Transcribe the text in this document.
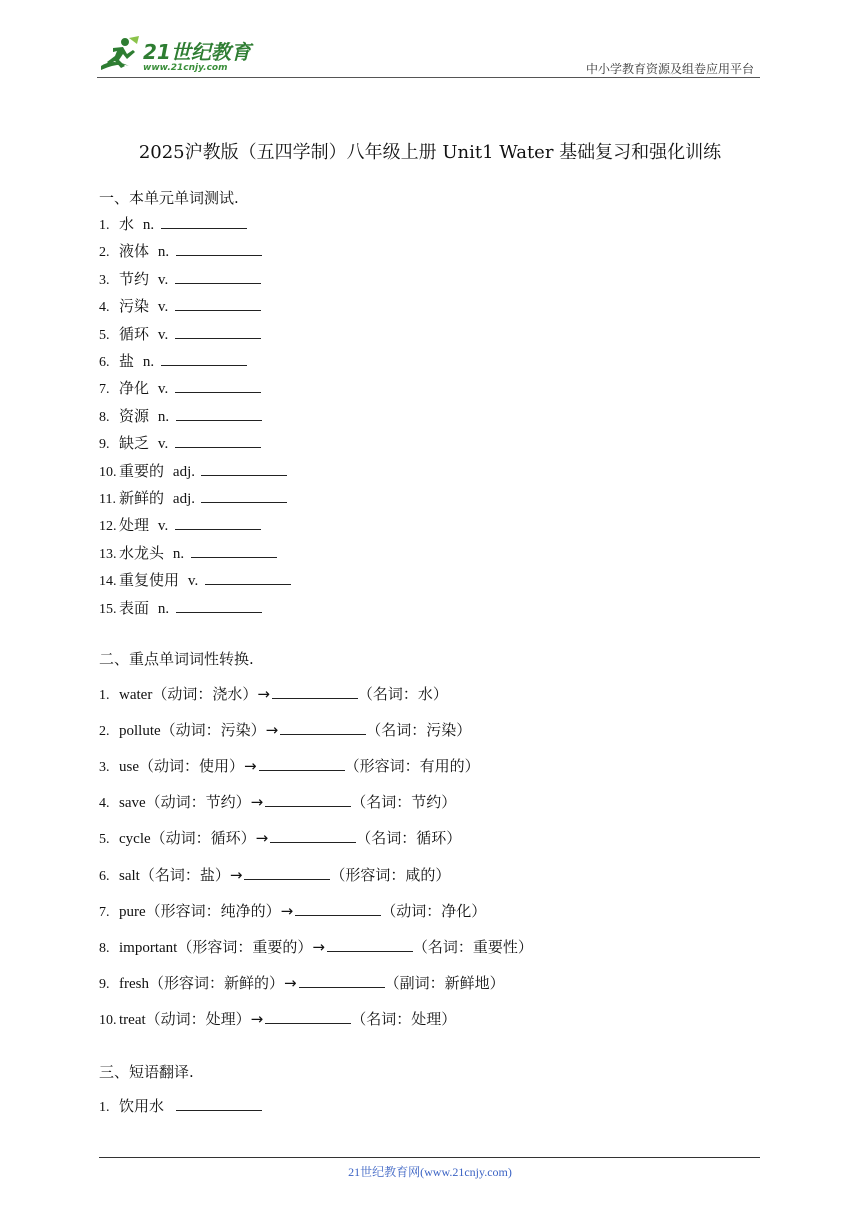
21世纪教育
www.21cnjy.com	中小学教育资源及组卷应用平台
2025沪教版（五四学制）八年级上册 Unit1 Water 基础复习和强化训练
一、本单元单词测试.
1. 水 n.
2. 液体 n.
3. 节约 v.
4. 污染 v.
5. 循环 v.
6. 盐 n.
7. 净化 v.
8. 资源 n.
9. 缺乏 v.
10. 重要的 adj.
11. 新鲜的 adj.
12. 处理 v.
13. 水龙头 n.
14. 重复使用 v.
15. 表面 n.
二、重点单词词性转换.
1. water（动词：浇水）→	（名词：水）
2. pollute（动词：污染）→	（名词：污染）
3. use（动词：使用）→	（形容词：有用的）
4. save（动词：节约）→	（名词：节约）
5. cycle（动词：循环）→	（名词：循环）
6. salt（名词：盐）→	（形容词：咸的）
7. pure（形容词：纯净的）→	（动词：净化）
8. important（形容词：重要的）→	（名词：重要性）
9. fresh（形容词：新鲜的）→	（副词：新鲜地）
10. treat（动词：处理）→	（名词：处理）
三、短语翻译.
1. 饮用水
21世纪教育网(www.21cnjy.com)
